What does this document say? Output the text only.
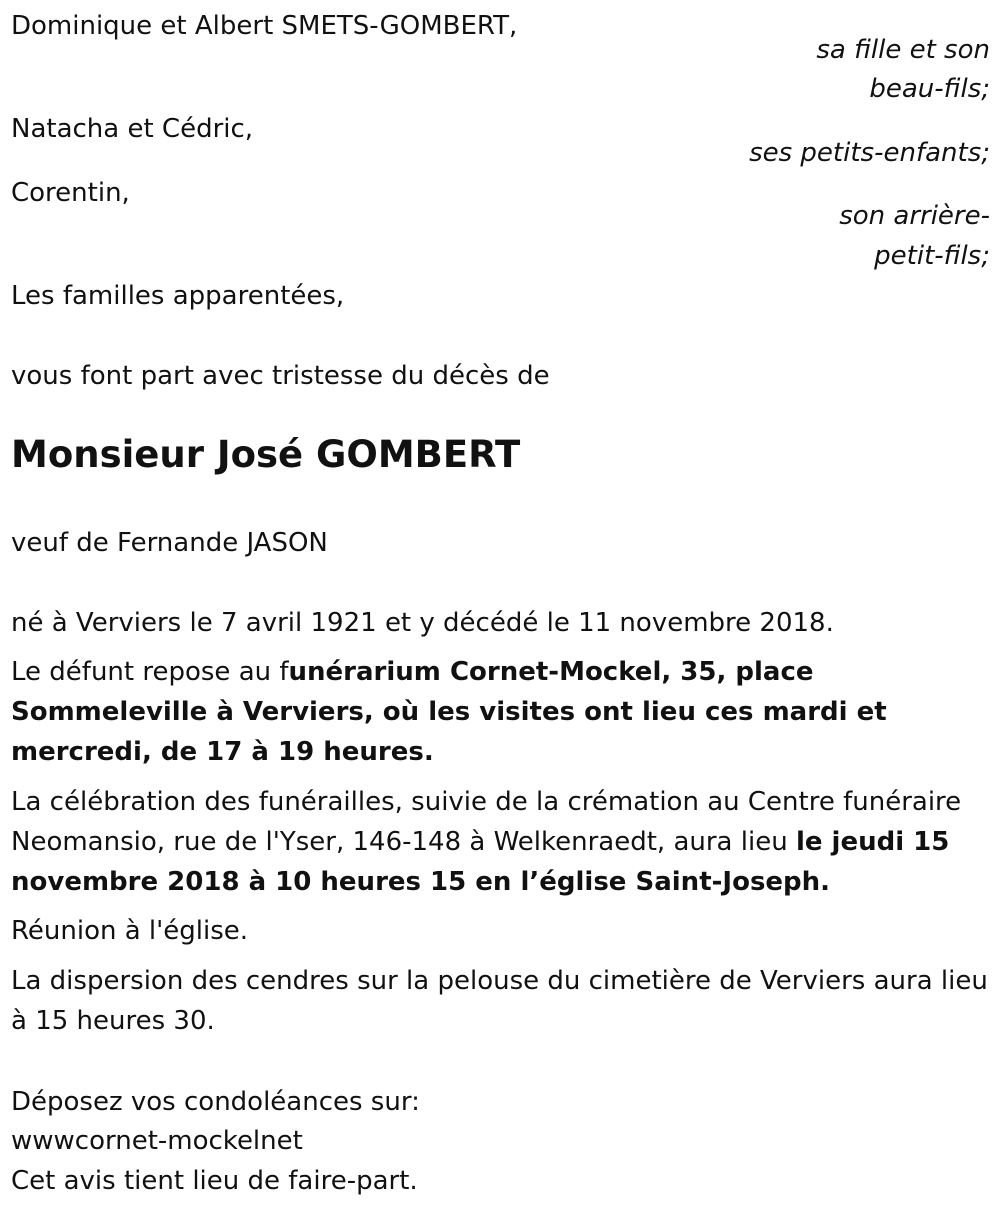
Dominique et Albert SMETS-GOMBERT,
sa fille et son
beau-fils;
Natacha et Cédric,
ses petits-enfants;
Corentin,
son arrière-
petit-fils;
Les familles apparentées,
vous font part avec tristesse du décès de
Monsieur José GOMBERT
veuf de Fernande JASON
né à Verviers le 7 avril 1921 et y décédé le 11 novembre 2018.
Le défunt repose au funérarium Cornet-Mockel, 35, place Sommeleville à Verviers, où les visites ont lieu ces mardi et mercredi, de 17 à 19 heures.
La célébration des funérailles, suivie de la crémation au Centre funéraire Neomansio, rue de l'Yser, 146-148 à Welkenraedt, aura lieu le jeudi 15 novembre 2018 à 10 heures 15 en l’église Saint-Joseph.
Réunion à l'église.
La dispersion des cendres sur la pelouse du cimetière de Verviers aura lieu à 15 heures 30.
Déposez vos condoléances sur:
wwwcornet-mockelnet
Cet avis tient lieu de faire-part.
